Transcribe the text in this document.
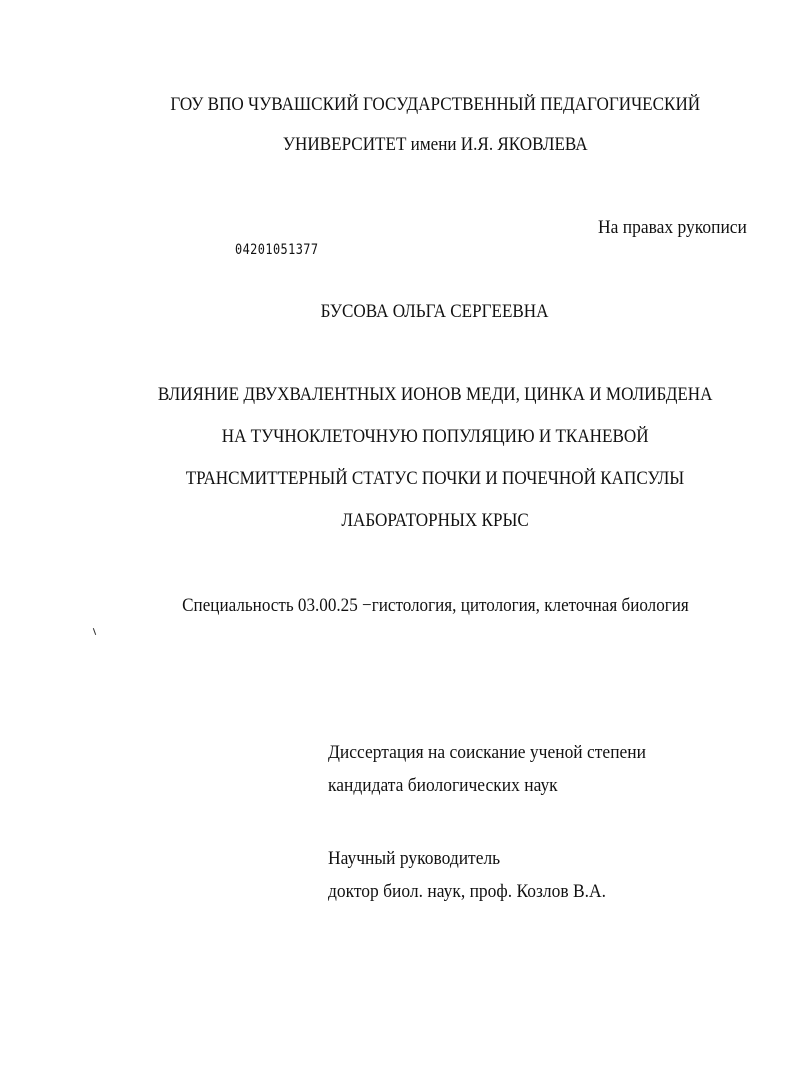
ГОУ ВПО ЧУВАШСКИЙ ГОСУДАРСТВЕННЫЙ ПЕДАГОГИЧЕСКИЙ
УНИВЕРСИТЕТ имени И.Я. ЯКОВЛЕВА
На правах рукописи
04201051377
БУСОВА ОЛЬГА СЕРГЕЕВНА
ВЛИЯНИЕ ДВУХВАЛЕНТНЫХ ИОНОВ МЕДИ, ЦИНКА И МОЛИБДЕНА
НА ТУЧНОКЛЕТОЧНУЮ ПОПУЛЯЦИЮ И ТКАНЕВОЙ
ТРАНСМИТТЕРНЫЙ СТАТУС ПОЧКИ И ПОЧЕЧНОЙ КАПСУЛЫ
ЛАБОРАТОРНЫХ КРЫС
Специальность 03.00.25 −гистология, цитология, клеточная биология
Диссертация на соискание ученой степени
кандидата биологических наук
Научный руководитель
доктор биол. наук, проф. Козлов В.А.
